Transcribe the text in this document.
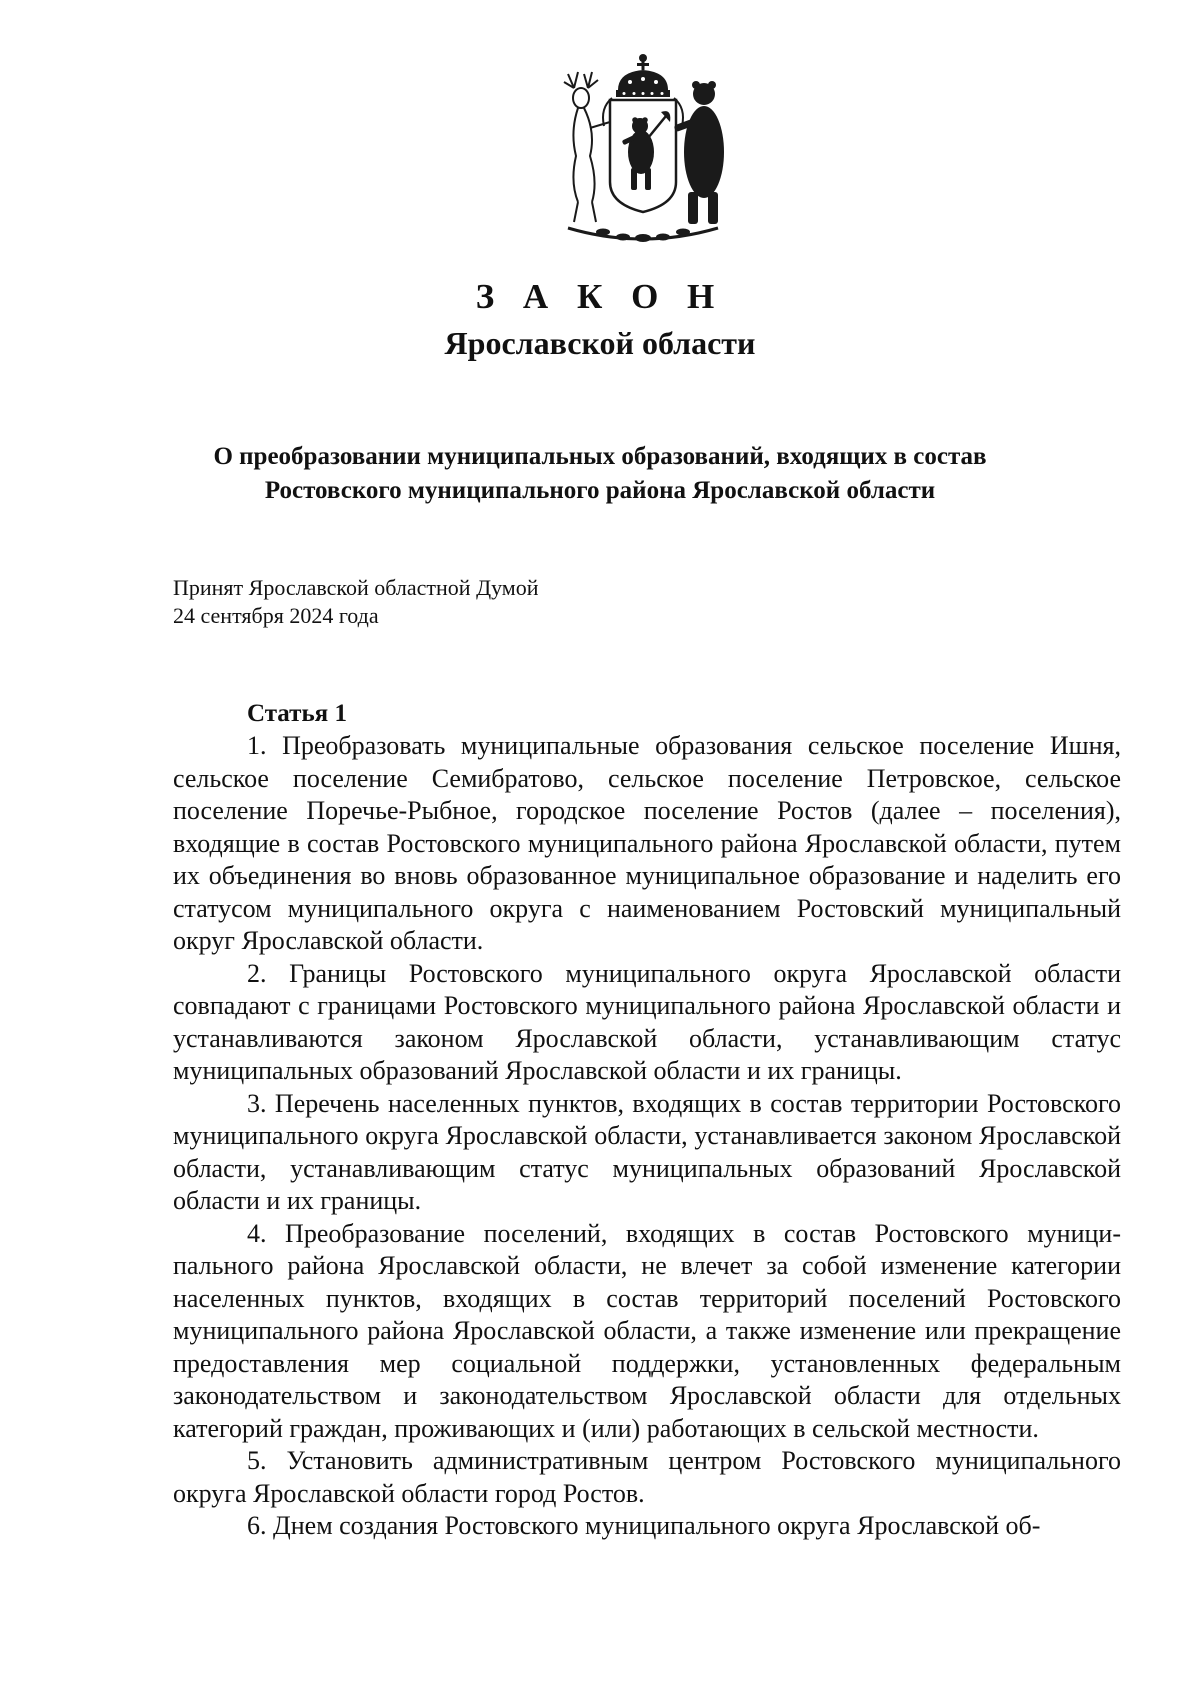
З А К О Н
Ярославской области
О преобразовании муниципальных образований, входящих в состав
Ростовского муниципального района Ярославской области
Принят Ярославской областной Думой
24 сентября 2024 года
Статья 1

1. Преобразовать муниципальные образования сельское поселение Ишня, сельское поселение Семибратово, сельское поселение Петровское, сельское поселение Поречье-Рыбное, городское поселение Ростов (далее – поселения), входящие в состав Ростовского муниципального района Ярославской области, путем их объединения во вновь образованное муниципальное образование и наделить его статусом муниципального округа с наименованием Ростовский муниципальный округ Ярославской области.

2. Границы Ростовского муниципального округа Ярославской области совпадают с границами Ростовского муниципального района Ярославской области и устанавливаются законом Ярославской области, устанавливающим статус муниципальных образований Ярославской области и их границы.

3. Перечень населенных пунктов, входящих в состав территории Ростовского муниципального округа Ярославской области, устанавливается законом Ярославской области, устанавливающим статус муниципальных образований Ярославской области и их границы.

4. Преобразование поселений, входящих в состав Ростовского муниципального района Ярославской области, не влечет за собой изменение категории населенных пунктов, входящих в состав территорий поселений Ростовского муниципального района Ярославской области, а также изменение или прекращение предоставления мер социальной поддержки, установленных федеральным законодательством и законодательством Ярославской области для отдельных категорий граждан, проживающих и (или) работающих в сельской местности.

5. Установить административным центром Ростовского муниципального округа Ярославской области город Ростов.

6. Днем создания Ростовского муниципального округа Ярославской об-
